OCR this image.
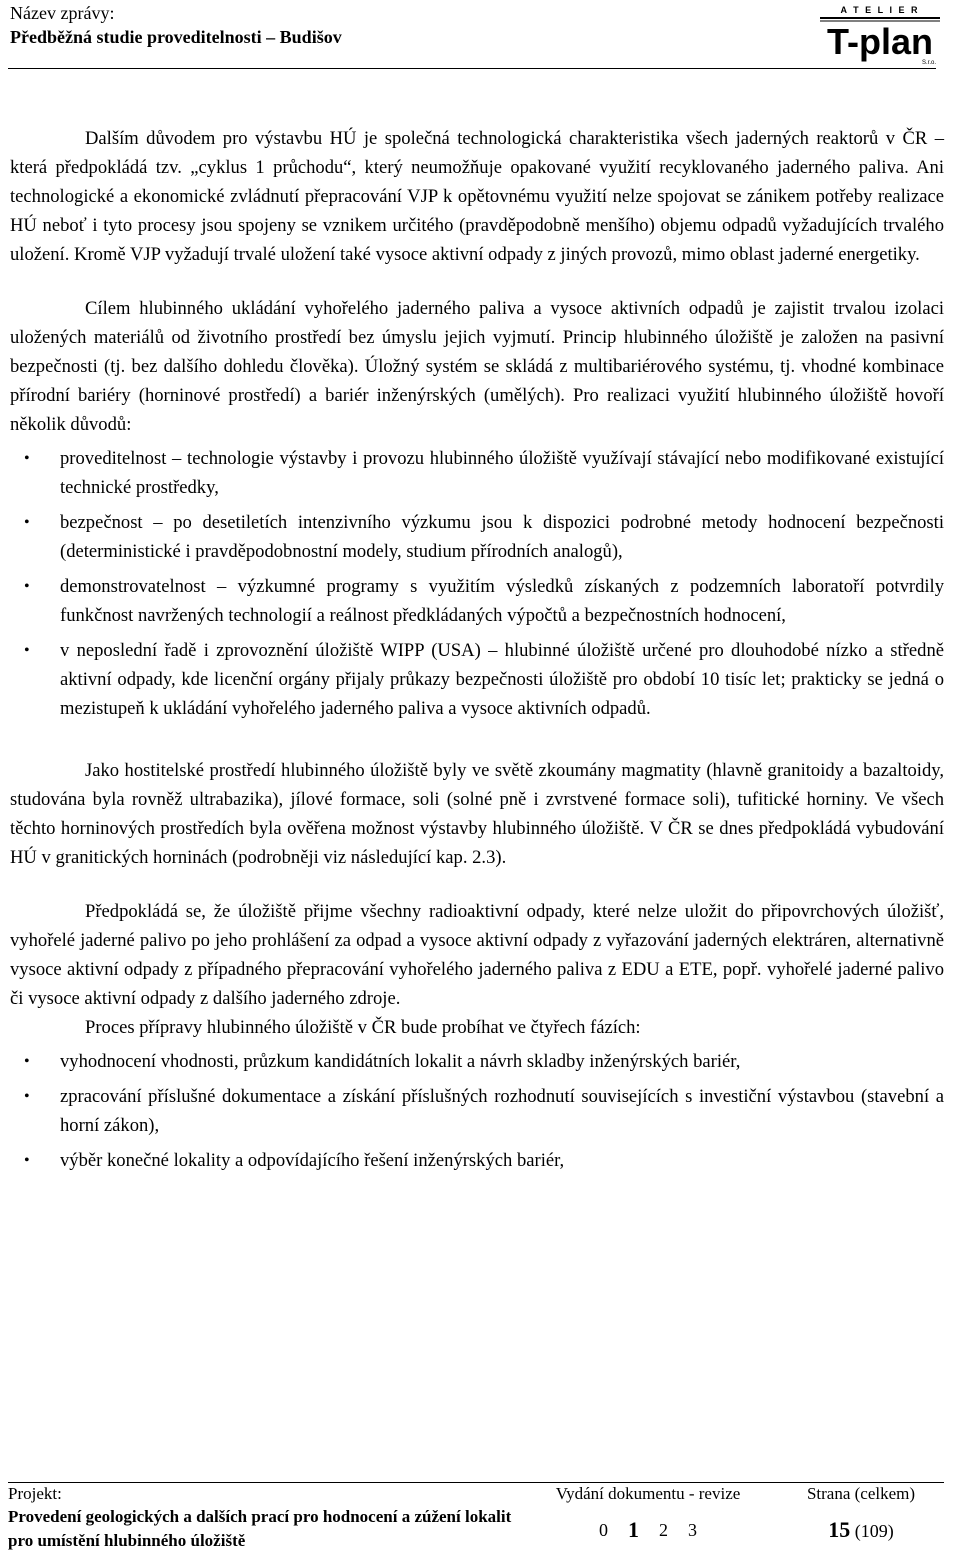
Název zprávy:
Předběžná studie proveditelnosti – Budišov
A T E L I E R
T-plan
S.r.o.

Dalším důvodem pro výstavbu HÚ je společná technologická charakteristika všech jaderných reaktorů v ČR – která předpokládá tzv. „cyklus 1 průchodu“, který neumožňuje opakované využití recyklovaného jaderného paliva. Ani technologické a ekonomické zvládnutí přepracování VJP k opětovnému využití nelze spojovat se zánikem potřeby realizace HÚ neboť i tyto procesy jsou spojeny se vznikem určitého (pravděpodobně menšího) objemu odpadů vyžadujících trvalého uložení. Kromě VJP vyžadují trvalé uložení také vysoce aktivní odpady z jiných provozů, mimo oblast jaderné energetiky.

Cílem hlubinného ukládání vyhořelého jaderného paliva a vysoce aktivních odpadů je zajistit trvalou izolaci uložených materiálů od životního prostředí bez úmyslu jejich vyjmutí. Princip hlubinného úložiště je založen na pasivní bezpečnosti (tj. bez dalšího dohledu člověka). Úložný systém se skládá z multibariérového systému, tj. vhodné kombinace přírodní bariéry (horninové prostředí) a bariér inženýrských (umělých). Pro realizaci využití hlubinného úložiště hovoří několik důvodů:

• proveditelnost – technologie výstavby i provozu hlubinného úložiště využívají stávající nebo modifikované existující technické prostředky,
• bezpečnost – po desetiletích intenzivního výzkumu jsou k dispozici podrobné metody hodnocení bezpečnosti (deterministické i pravděpodobnostní modely, studium přírodních analogů),
• demonstrovatelnost – výzkumné programy s využitím výsledků získaných z podzemních laboratoří potvrdily funkčnost navržených technologií a reálnost předkládaných výpočtů a bezpečnostních hodnocení,
• v neposlední řadě i zprovoznění úložiště WIPP (USA) – hlubinné úložiště určené pro dlouhodobé nízko a středně aktivní odpady, kde licenční orgány přijaly průkazy bezpečnosti úložiště pro období 10 tisíc let; prakticky se jedná o mezistupeň k ukládání vyhořelého jaderného paliva a vysoce aktivních odpadů.

Jako hostitelské prostředí hlubinného úložiště byly ve světě zkoumány magmatity (hlavně granitoidy a bazaltoidy, studována byla rovněž ultrabazika), jílové formace, soli (solné pně i zvrstvené formace soli), tufitické horniny. Ve všech těchto horninových prostředích byla ověřena možnost výstavby hlubinného úložiště. V ČR se dnes předpokládá vybudování HÚ v granitických horninách (podrobněji viz následující kap. 2.3).

Předpokládá se, že úložiště přijme všechny radioaktivní odpady, které nelze uložit do připovrchových úložišť, vyhořelé jaderné palivo po jeho prohlášení za odpad a vysoce aktivní odpady z vyřazování jaderných elektráren, alternativně vysoce aktivní odpady z případného přepracování vyhořelého jaderného paliva z EDU a ETE, popř. vyhořelé jaderné palivo či vysoce aktivní odpady z dalšího jaderného zdroje.

Proces přípravy hlubinného úložiště v ČR bude probíhat ve čtyřech fázích:

• vyhodnocení vhodnosti, průzkum kandidátních lokalit a návrh skladby inženýrských bariér,
• zpracování příslušné dokumentace a získání příslušných rozhodnutí souvisejících s investiční výstavbou (stavební a horní zákon),
• výběr konečné lokality a odpovídajícího řešení inženýrských bariér,
Projekt:
Provedení geologických a dalších prací pro hodnocení a zúžení lokalit pro umístění hlubinného úložiště
Vydání dokumentu - revize
0 1 2 3
Strana (celkem)
15 (109)
